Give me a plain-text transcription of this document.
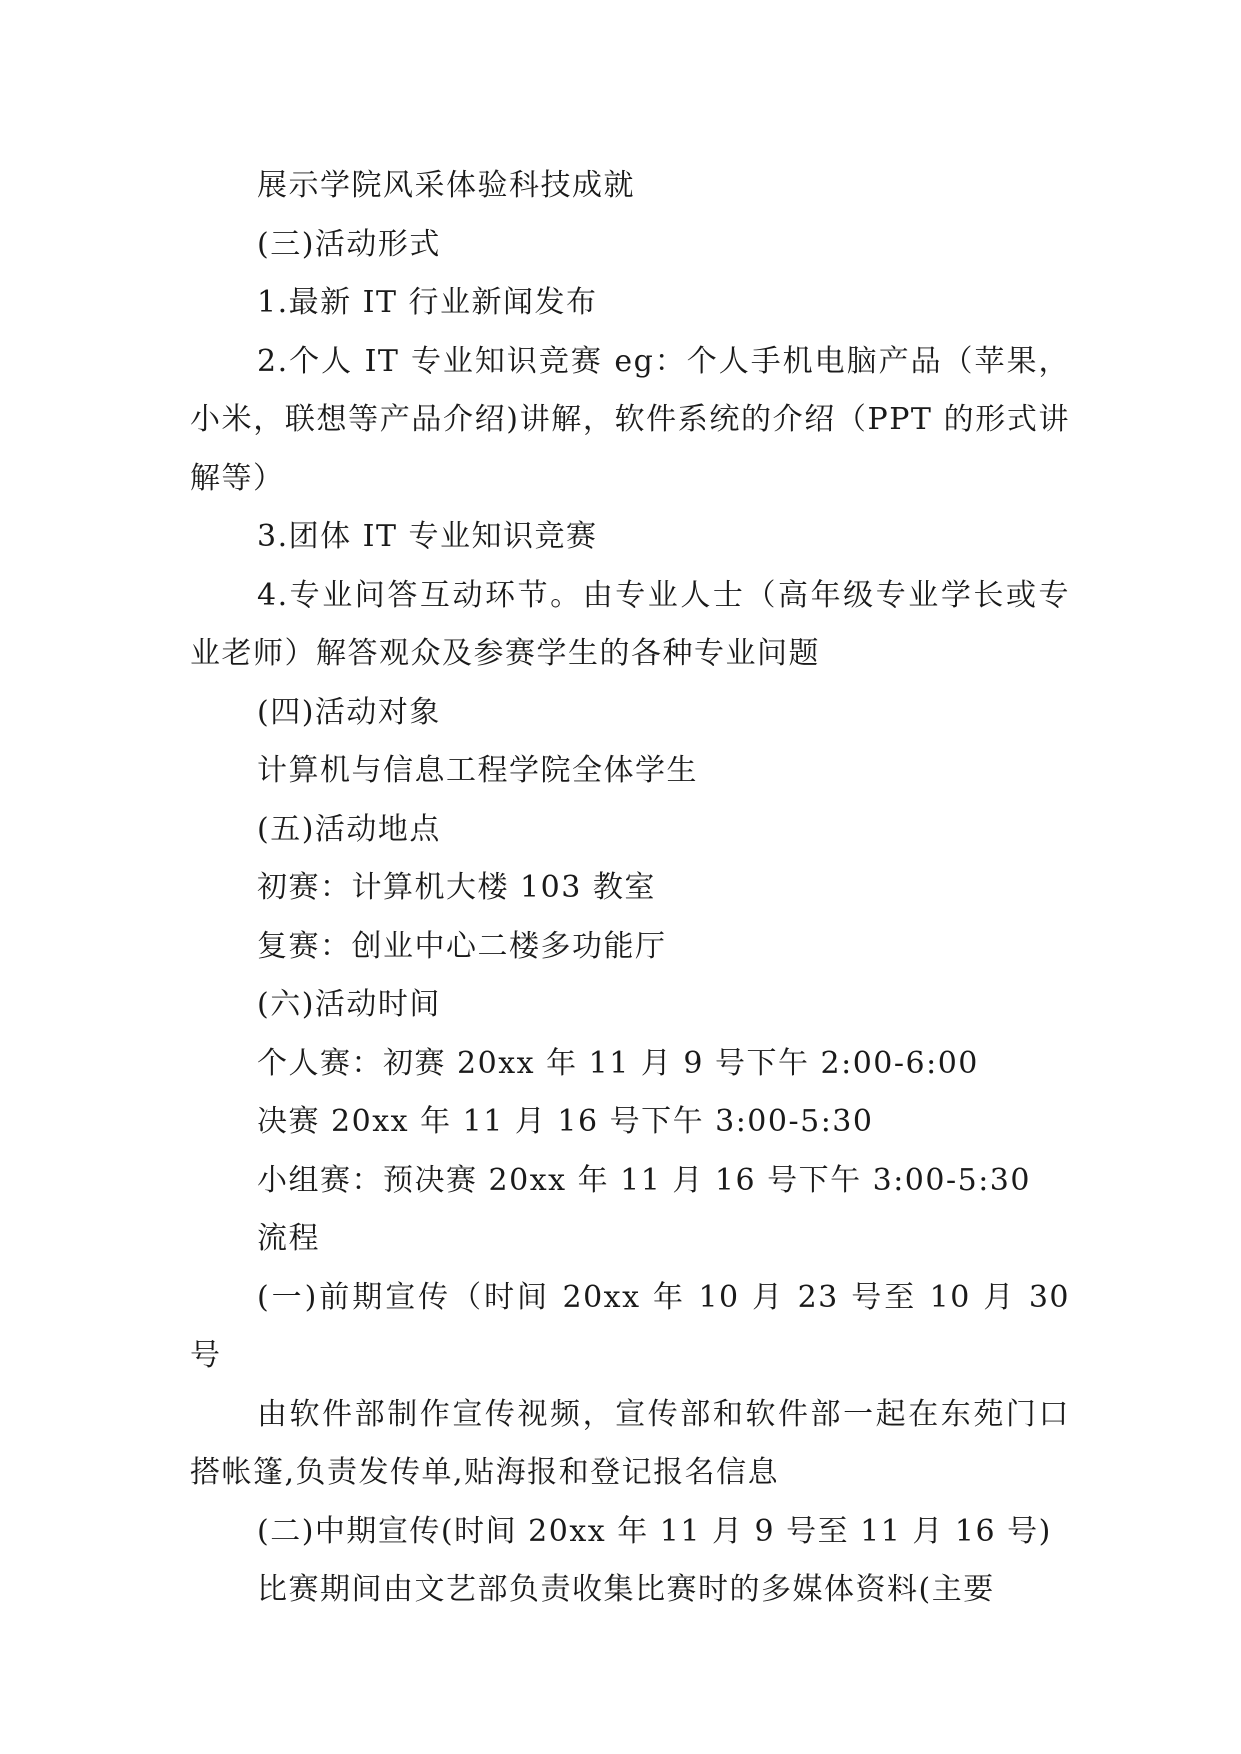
展示学院风采体验科技成就

(三)活动形式

1.最新 IT 行业新闻发布

2.个人 IT 专业知识竞赛 eg：个人手机电脑产品（苹果，小米，联想等产品介绍)讲解，软件系统的介绍（PPT 的形式讲解等）

3.团体 IT 专业知识竞赛

4.专业问答互动环节。由专业人士（高年级专业学长或专业老师）解答观众及参赛学生的各种专业问题

(四)活动对象

计算机与信息工程学院全体学生

(五)活动地点

初赛：计算机大楼 103 教室

复赛：创业中心二楼多功能厅

(六)活动时间

个人赛：初赛 20xx 年 11 月 9 号下午 2:00-6:00

决赛 20xx 年 11 月 16 号下午 3:00-5:30

小组赛：预决赛 20xx 年 11 月 16 号下午 3:00-5:30

流程

(一)前期宣传（时间 20xx 年 10 月 23 号至 10 月 30 号

由软件部制作宣传视频，宣传部和软件部一起在东苑门口搭帐篷,负责发传单,贴海报和登记报名信息

(二)中期宣传(时间 20xx 年 11 月 9 号至 11 月 16 号)

比赛期间由文艺部负责收集比赛时的多媒体资料(主要
